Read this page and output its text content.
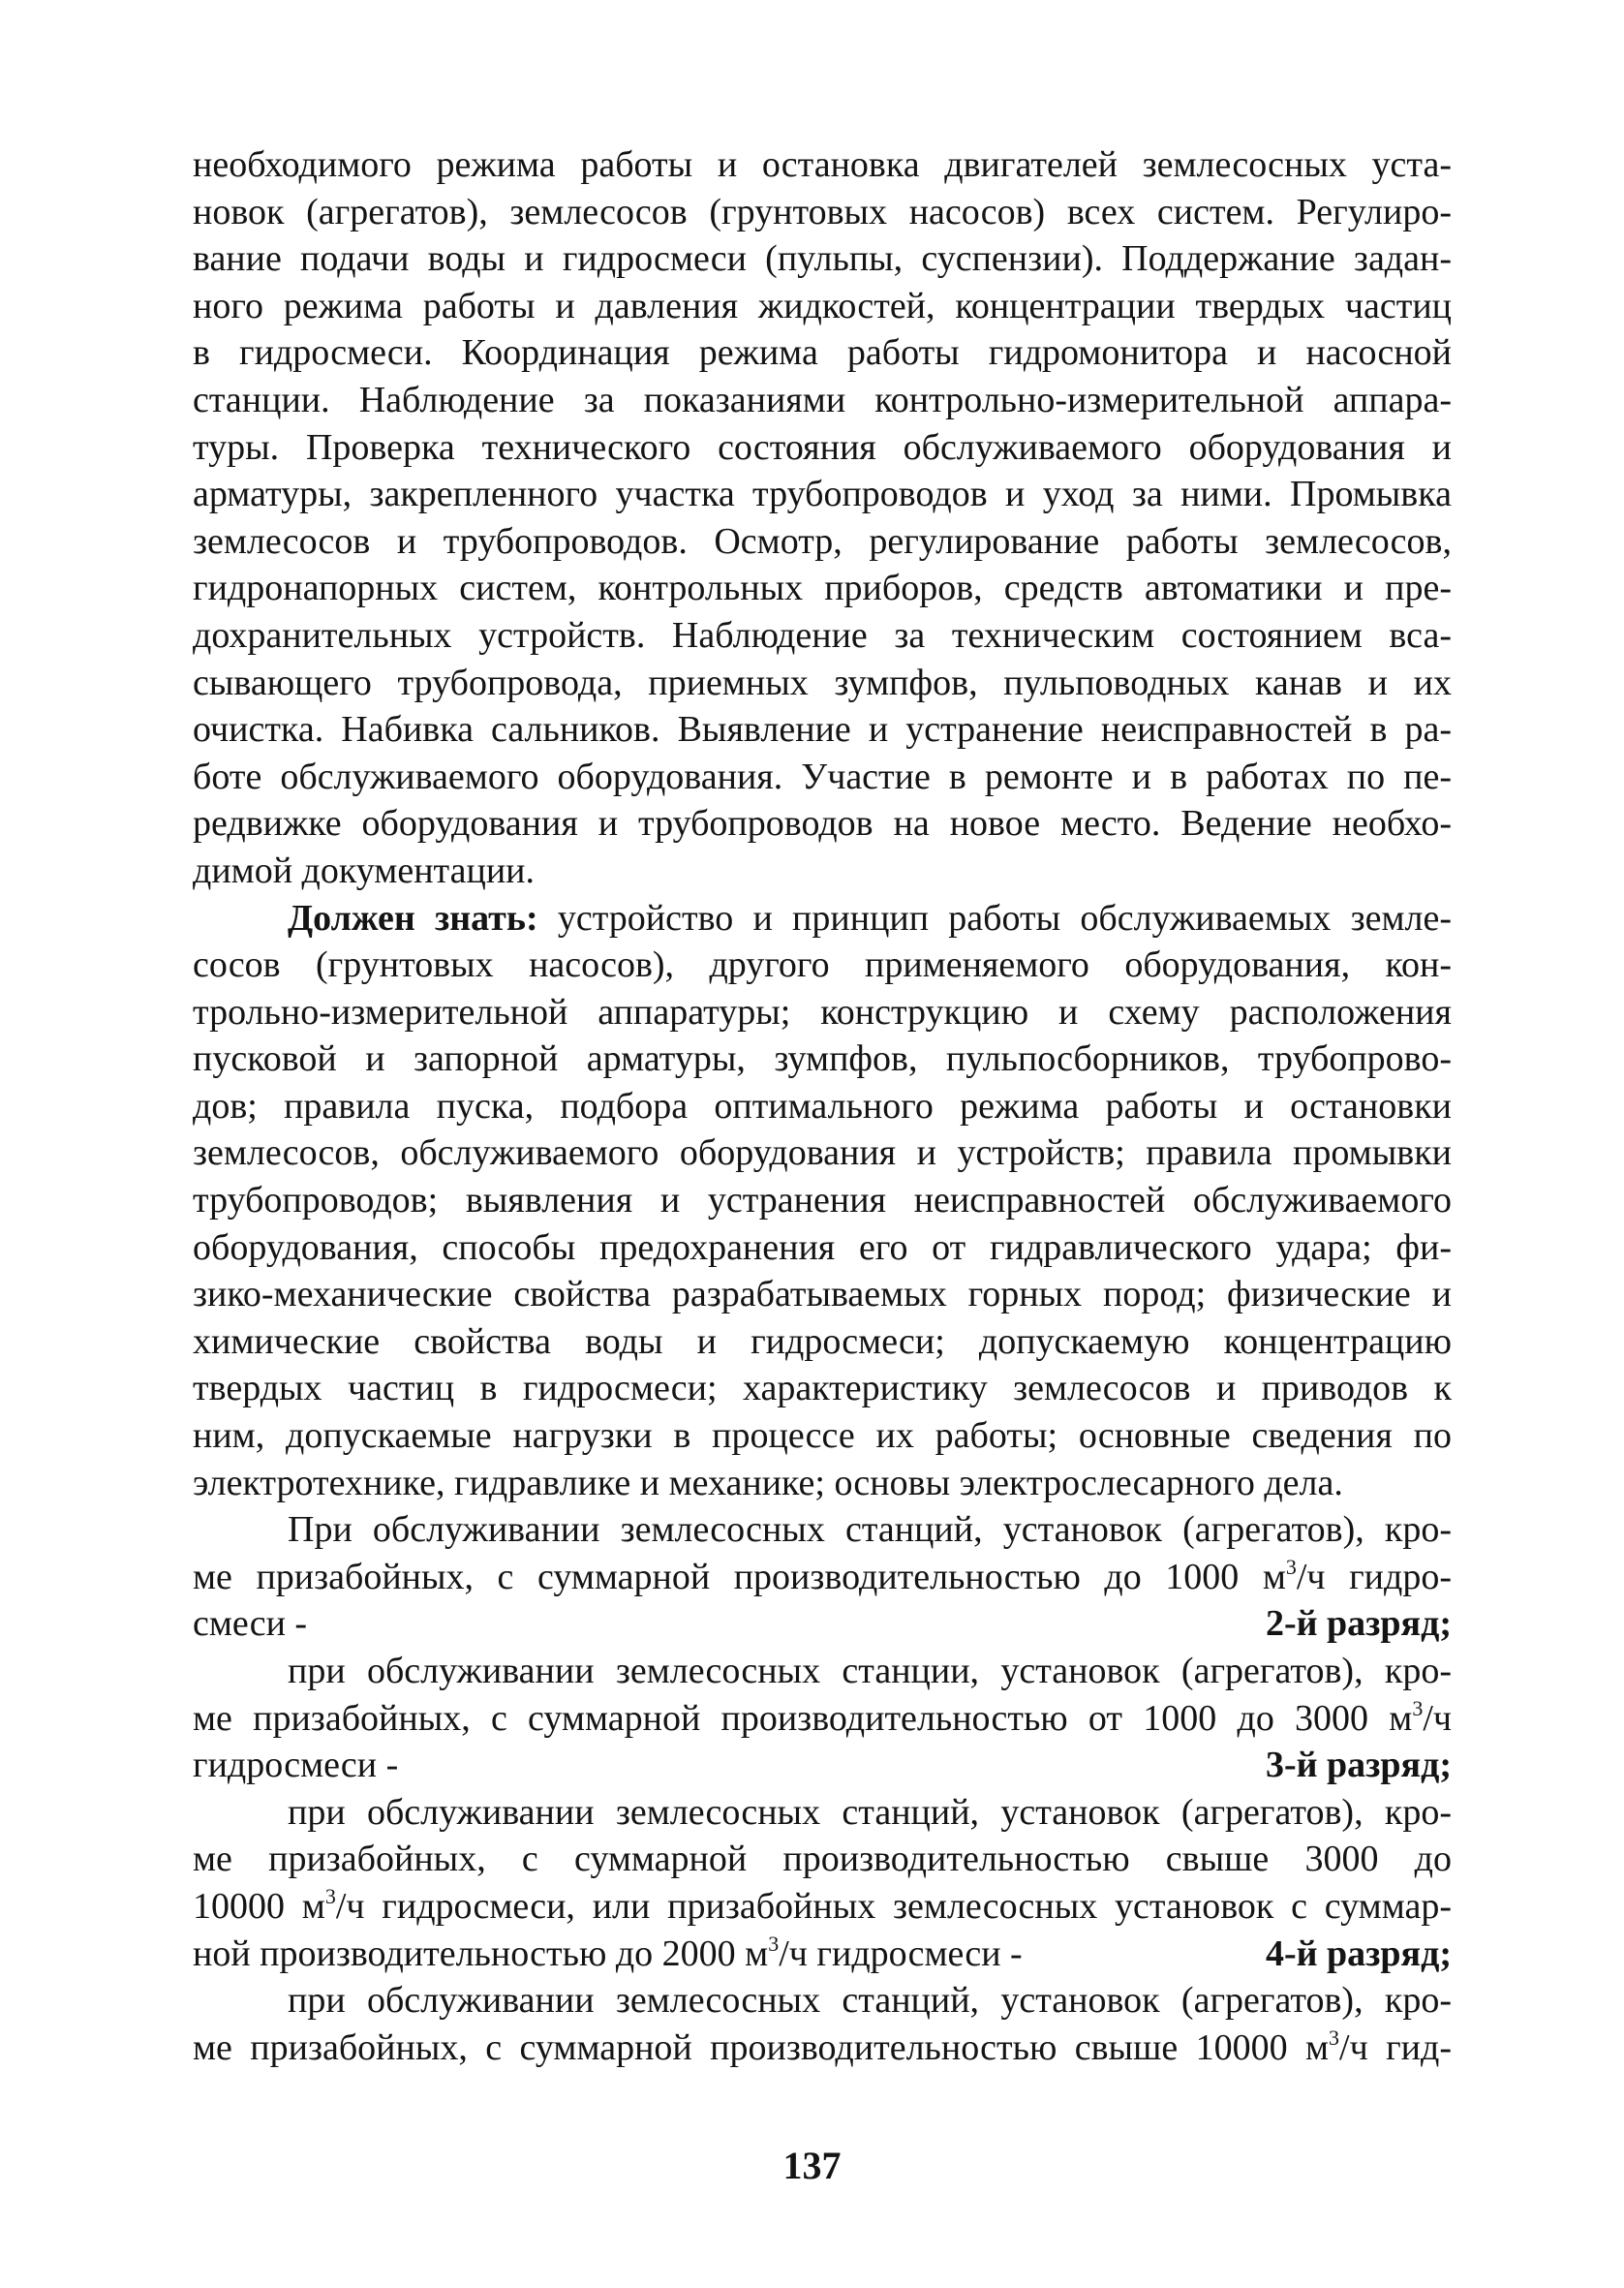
необходимого режима работы и остановка двигателей землесосных уста-
новок (агрегатов), землесосов (грунтовых насосов) всех систем. Регулиро-
вание подачи воды и гидросмеси (пульпы, суспензии). Поддержание задан-
ного режима работы и давления жидкостей, концентрации твердых частиц
в гидросмеси. Координация режима работы гидромонитора и насосной
станции. Наблюдение за показаниями контрольно-измерительной аппара-
туры. Проверка технического состояния обслуживаемого оборудования и
арматуры, закрепленного участка трубопроводов и уход за ними. Промывка
землесосов и трубопроводов. Осмотр, регулирование работы землесосов,
гидронапорных систем, контрольных приборов, средств автоматики и пре-
дохранительных устройств. Наблюдение за техническим состоянием вса-
сывающего трубопровода, приемных зумпфов, пульповодных канав и их
очистка. Набивка сальников. Выявление и устранение неисправностей в ра-
боте обслуживаемого оборудования. Участие в ремонте и в работах по пе-
редвижке оборудования и трубопроводов на новое место. Ведение необхо-
димой документации.
Должен знать: устройство и принцип работы обслуживаемых земле-
сосов (грунтовых насосов), другого применяемого оборудования, кон-
трольно-измерительной аппаратуры; конструкцию и схему расположения
пусковой и запорной арматуры, зумпфов, пульпосборников, трубопрово-
дов; правила пуска, подбора оптимального режима работы и остановки
землесосов, обслуживаемого оборудования и устройств; правила промывки
трубопроводов; выявления и устранения неисправностей обслуживаемого
оборудования, способы предохранения его от гидравлического удара; фи-
зико-механические свойства разрабатываемых горных пород; физические и
химические свойства воды и гидросмеси; допускаемую концентрацию
твердых частиц в гидросмеси; характеристику землесосов и приводов к
ним, допускаемые нагрузки в процессе их работы; основные сведения по
электротехнике, гидравлике и механике; основы электрослесарного дела.
При обслуживании землесосных станций, установок (агрегатов), кро-
ме призабойных, с суммарной производительностью до 1000 $м^3/ч$ гидро-
смеси -	2-й разряд;
при обслуживании землесосных станции, установок (агрегатов), кро-
ме призабойных, с суммарной производительностью от 1000 до 3000 $м^3/ч$
гидросмеси -	3-й разряд;
при обслуживании землесосных станций, установок (агрегатов), кро-
ме призабойных, с суммарной производительностью свыше 3000 до
10000 $м^3/ч$ гидросмеси, или призабойных землесосных установок с суммар-
ной производительностью до 2000 $м^3/ч$ гидросмеси -	4-й разряд;
при обслуживании землесосных станций, установок (агрегатов), кро-
ме призабойных, с суммарной производительностью свыше 10000 $м^3/ч$ гид-
137
